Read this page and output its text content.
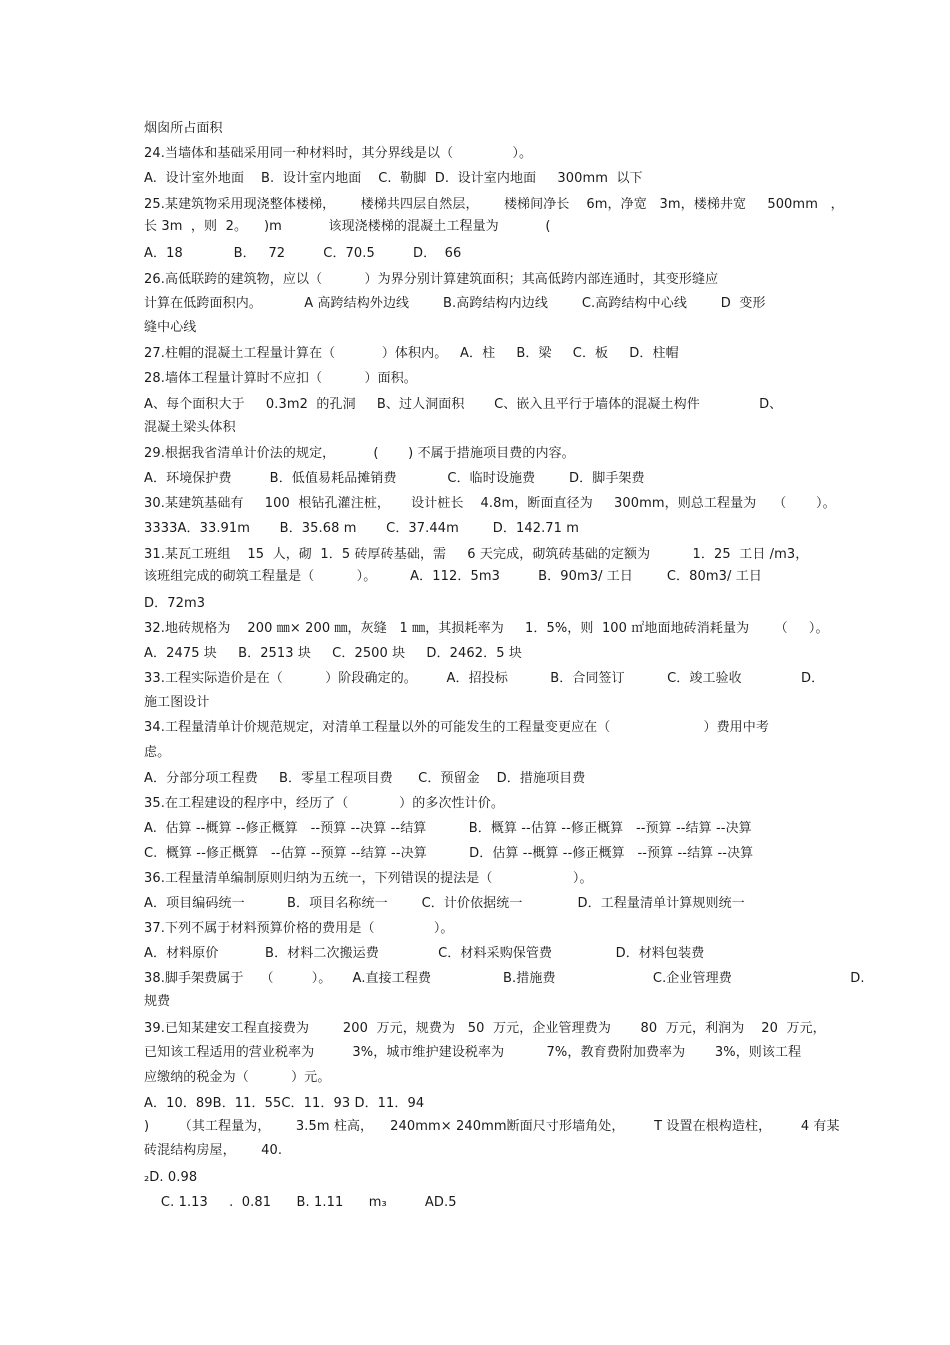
烟囱所占面积
24.当墙体和基础采用同一种材料时，其分界线是以（              ）。
A.  设计室外地面    B.  设计室内地面    C.  勒脚  D.  设计室内地面     300mm  以下
25.某建筑物采用现浇整体楼梯，      楼梯共四层自然层，      楼梯间净长    6m，净宽   3m，楼梯井宽     500mm   ，
长 3m  ，则  2。    )m           该现浇楼梯的混凝土工程量为           (
A．18            B．   72         C．70.5         D．  66
26.高低联跨的建筑物，应以（          ）为界分别计算建筑面积；其高低跨内部连通时，其变形缝应
计算在低跨面积内。          A 高跨结构外边线        B.高跨结构内边线        C.高跨结构中心线        D  变形
缝中心线
27.柱帽的混凝土工程量计算在（           ）体积内。   A．柱     B．梁     C．板     D．柱帽
28.墙体工程量计算时不应扣（          ）面积。
A、每个面积大于     0.3m2  的孔洞     B、过人洞面积       C、嵌入且平行于墙体的混凝土构件              D、
混凝土梁头体积
29.根据我省清单计价法的规定，         (       ) 不属于措施项目费的内容。
A．环境保护费         B．低值易耗品摊销费            C．临时设施费        D．脚手架费
30.某建筑基础有     100  根钻孔灌注桩，     设计桩长    4.8m，断面直径为     300mm，则总工程量为    （       ）。
3333A．33.91m       B．35.68 m       C．37.44m        D．142.71 m
31.某瓦工班组    15  人，砌  1．5 砖厚砖基础，需     6 天完成，砌筑砖基础的定额为          1．25  工日 /m3，
该班组完成的砌筑工程量是（          ）。        A．112．5m3         B．90m3/ 工日        C．80m3/ 工日
D．72m3
32.地砖规格为    200 ㎜× 200 ㎜，灰缝   1 ㎜，其损耗率为     1．5%，则  100 ㎡地面地砖消耗量为      （     ）。
A．2475 块     B．2513 块     C．2500 块     D．2462．5 块
33.工程实际造价是在（          ）阶段确定的。       A．招投标          B．合同签订          C．竣工验收              D．
施工图设计
34.工程量清单计价规范规定，对清单工程量以外的可能发生的工程量变更应在（                      ）费用中考
虑。
A．分部分项工程费     B．零星工程项目费      C．预留金    D．措施项目费
35.在工程建设的程序中，经历了（            ）的多次性计价。
A.  估算 --概算 --修正概算   --预算 --决算 --结算          B．概算 --估算 --修正概算   --预算 --结算 --决算
C.  概算 --修正概算   --估算 --预算 --结算 --决算          D．估算 --概算 --修正概算   --预算 --结算 --决算
36.工程量清单编制原则归纳为五统一，下列错误的提法是（                   ）。
A．项目编码统一          B．项目名称统一        C．计价依据统一             D．工程量清单计算规则统一
37.下列不属于材料预算价格的费用是（              ）。
A．材料原价           B．材料二次搬运费              C．材料采购保管费               D．材料包装费
38.脚手架费属于    （         ）。     A.直接工程费                 B.措施费                       C.企业管理费                            D.
规费
39.已知某建安工程直接费为        200  万元，规费为   50  万元，企业管理费为       80  万元，利润为    20  万元，
已知该工程适用的营业税率为         3%，城市维护建设税率为          7%，教育费附加费率为       3%，则该工程
应缴纳的税金为（          ）元。
A．10．89B．11．55C．11．93 D．11．94
)       （其工程量为，      3.5m 柱高，    240mm× 240mm断面尺寸形墙角处，       T 设置在根构造柱，       4 有某
砖混结构房屋，      40.
₂D. 0.98
C. 1.13     .  0.81      B. 1.11      m₃         AD.5
